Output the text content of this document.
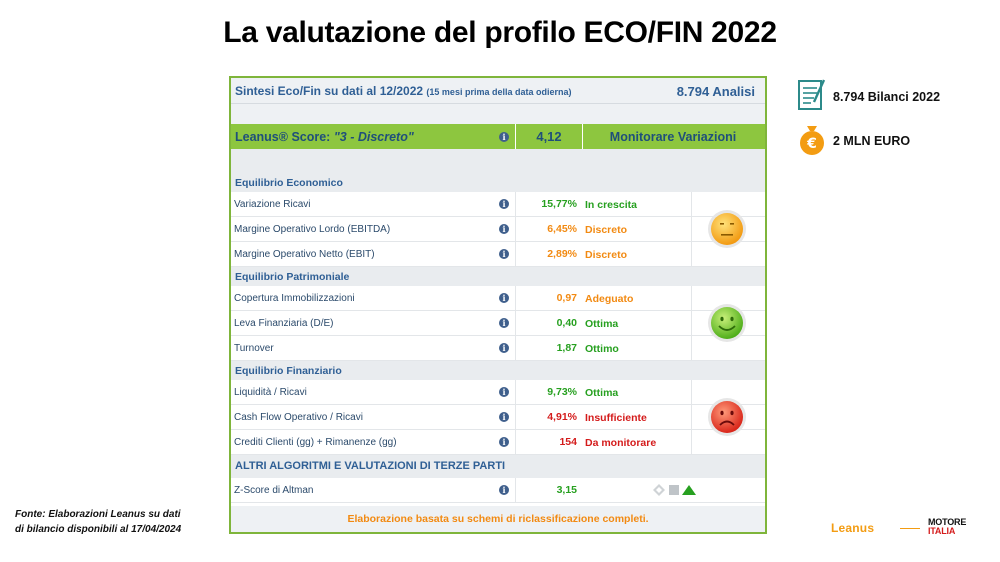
La valutazione del profilo ECO/FIN 2022
Sintesi Eco/Fin su dati al 12/2022 (15 mesi prima della data odierna)	8.794 Analisi
Leanus® Score: "3 - Discreto"	i	4,12	Monitorare Variazioni
Equilibrio Economico
Variazione Ricavi	i	15,77% In crescita
Margine Operativo Lordo (EBITDA)	i	6,45% Discreto
Margine Operativo Netto (EBIT)	i	2,89% Discreto
Equilibrio Patrimoniale
Copertura Immobilizzazioni	i	0,97 Adeguato
Leva Finanziaria (D/E)	i	0,40 Ottima
Turnover	i	1,87 Ottimo
Equilibrio Finanziario
Liquidità / Ricavi	i	9,73% Ottima
Cash Flow Operativo / Ricavi	i	4,91% Insufficiente
Crediti Clienti (gg) + Rimanenze (gg)	i	154 Da monitorare
ALTRI ALGORITMI E VALUTAZIONI DI TERZE PARTI
Z-Score di Altman	i	3,15
Elaborazione basata su schemi di riclassificazione completi.
8.794 Bilanci 2022
€ 2 MLN EURO
Fonte: Elaborazioni Leanus su dati
di bilancio disponibili al 17/04/2024	Leanus	MOTORE
ITALIA
